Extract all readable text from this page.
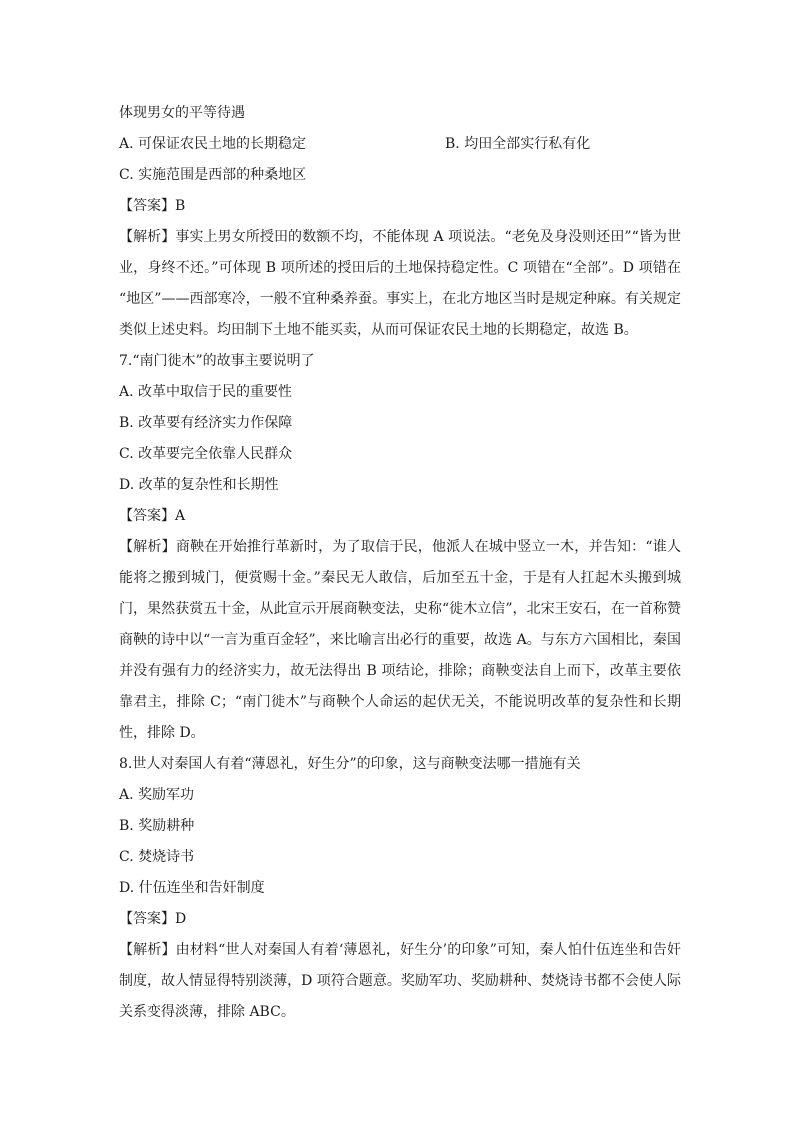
体现男女的平等待遇
A. 可保证农民土地的长期稳定	B. 均田全部实行私有化
C. 实施范围是西部的种桑地区
【答案】B
【解析】事实上男女所授田的数额不均，不能体现 A 项说法。“老免及身没则还田”“皆为世业，身终不还。”可体现 B 项所述的授田后的土地保持稳定性。C 项错在“全部”。D 项错在 “地区”——西部寒冷，一般不宜种桑养蚕。事实上，在北方地区当时是规定种麻。有关规定类似上述史料。均田制下土地不能买卖，从而可保证农民土地的长期稳定，故选 B。
7.“南门徙木”的故事主要说明了
A. 改革中取信于民的重要性
B. 改革要有经济实力作保障
C. 改革要完全依靠人民群众
D. 改革的复杂性和长期性
【答案】A
【解析】商鞅在开始推行革新时，为了取信于民，他派人在城中竖立一木，并告知：“谁人能将之搬到城门，便赏赐十金。”秦民无人敢信，后加至五十金，于是有人扛起木头搬到城门，果然获赏五十金，从此宣示开展商鞅变法，史称“徙木立信”，北宋王安石，在一首称赞商鞅的诗中以“一言为重百金轻”，来比喻言出必行的重要，故选 A。与东方六国相比，秦国并没有强有力的经济实力，故无法得出 B 项结论，排除；商鞅变法自上而下，改革主要依靠君主，排除 C；“南门徙木”与商鞅个人命运的起伏无关，不能说明改革的复杂性和长期性，排除 D。
8.世人对秦国人有着“薄恩礼，好生分”的印象，这与商鞅变法哪一措施有关
A. 奖励军功
B. 奖励耕种
C. 焚烧诗书
D. 什伍连坐和告奸制度
【答案】D
【解析】由材料“世人对秦国人有着‘薄恩礼，好生分’的印象”可知，秦人怕什伍连坐和告奸制度，故人情显得特别淡薄，D 项符合题意。奖励军功、奖励耕种、焚烧诗书都不会使人际关系变得淡薄，排除 ABC。
